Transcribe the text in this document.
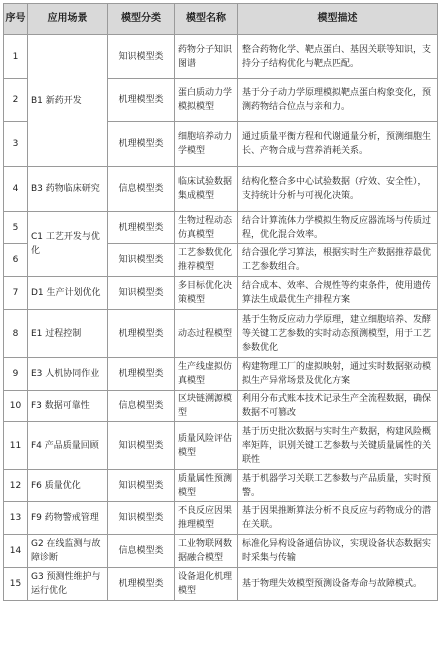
序号	应用场景	模型分类	模型名称	模型描述
1	B1 新药开发	知识模型类	药物分子知识图谱	整合药物化学、靶点蛋白、基因关联等知识，支持分子结构优化与靶点匹配。
2		机理模型类	蛋白质动力学模拟模型	基于分子动力学原理模拟靶点蛋白构象变化，预测药物结合位点与亲和力。
3		机理模型类	细胞培养动力学模型	通过质量平衡方程和代谢通量分析，预测细胞生长、产物合成与营养消耗关系。
4	B3 药物临床研究	信息模型类	临床试验数据集成模型	结构化整合多中心试验数据（疗效、安全性），支持统计分析与可视化决策。
5	C1 工艺开发与优化	机理模型类	生物过程动态仿真模型	结合计算流体力学模拟生物反应器流场与传质过程，优化混合效率。
6		知识模型类	工艺参数优化推荐模型	结合强化学习算法，根据实时生产数据推荐最优工艺参数组合。
7	D1 生产计划优化	知识模型类	多目标优化决策模型	结合成本、效率、合规性等约束条件，使用遗传算法生成最优生产排程方案
8	E1 过程控制	机理模型类	动态过程模型	基于生物反应动力学原理，建立细胞培养、发酵等关键工艺参数的实时动态预测模型，用于工艺参数优化
9	E3 人机协同作业	机理模型类	生产线虚拟仿真模型	构建物理工厂的虚拟映射，通过实时数据驱动模拟生产异常场景及优化方案
10	F3 数据可靠性	信息模型类	区块链溯源模型	利用分布式账本技术记录生产全流程数据，确保数据不可篡改
11	F4 产品质量回顾	知识模型类	质量风险评估模型	基于历史批次数据与实时生产数据，构建风险概率矩阵，识别关键工艺参数与关键质量属性的关联性
12	F6 质量优化	知识模型类	质量属性预测模型	基于机器学习关联工艺参数与产品质量，实时预警。
13	F9 药物警戒管理	知识模型类	不良反应因果推理模型	基于因果推断算法分析不良反应与药物成分的潜在关联。
14	G2 在线监测与故障诊断	信息模型类	工业物联网数据融合模型	标准化异构设备通信协议，实现设备状态数据实时采集与传输
15	G3 预测性维护与运行优化	机理模型类	设备退化机理模型	基于物理失效模型预测设备寿命与故障模式。
